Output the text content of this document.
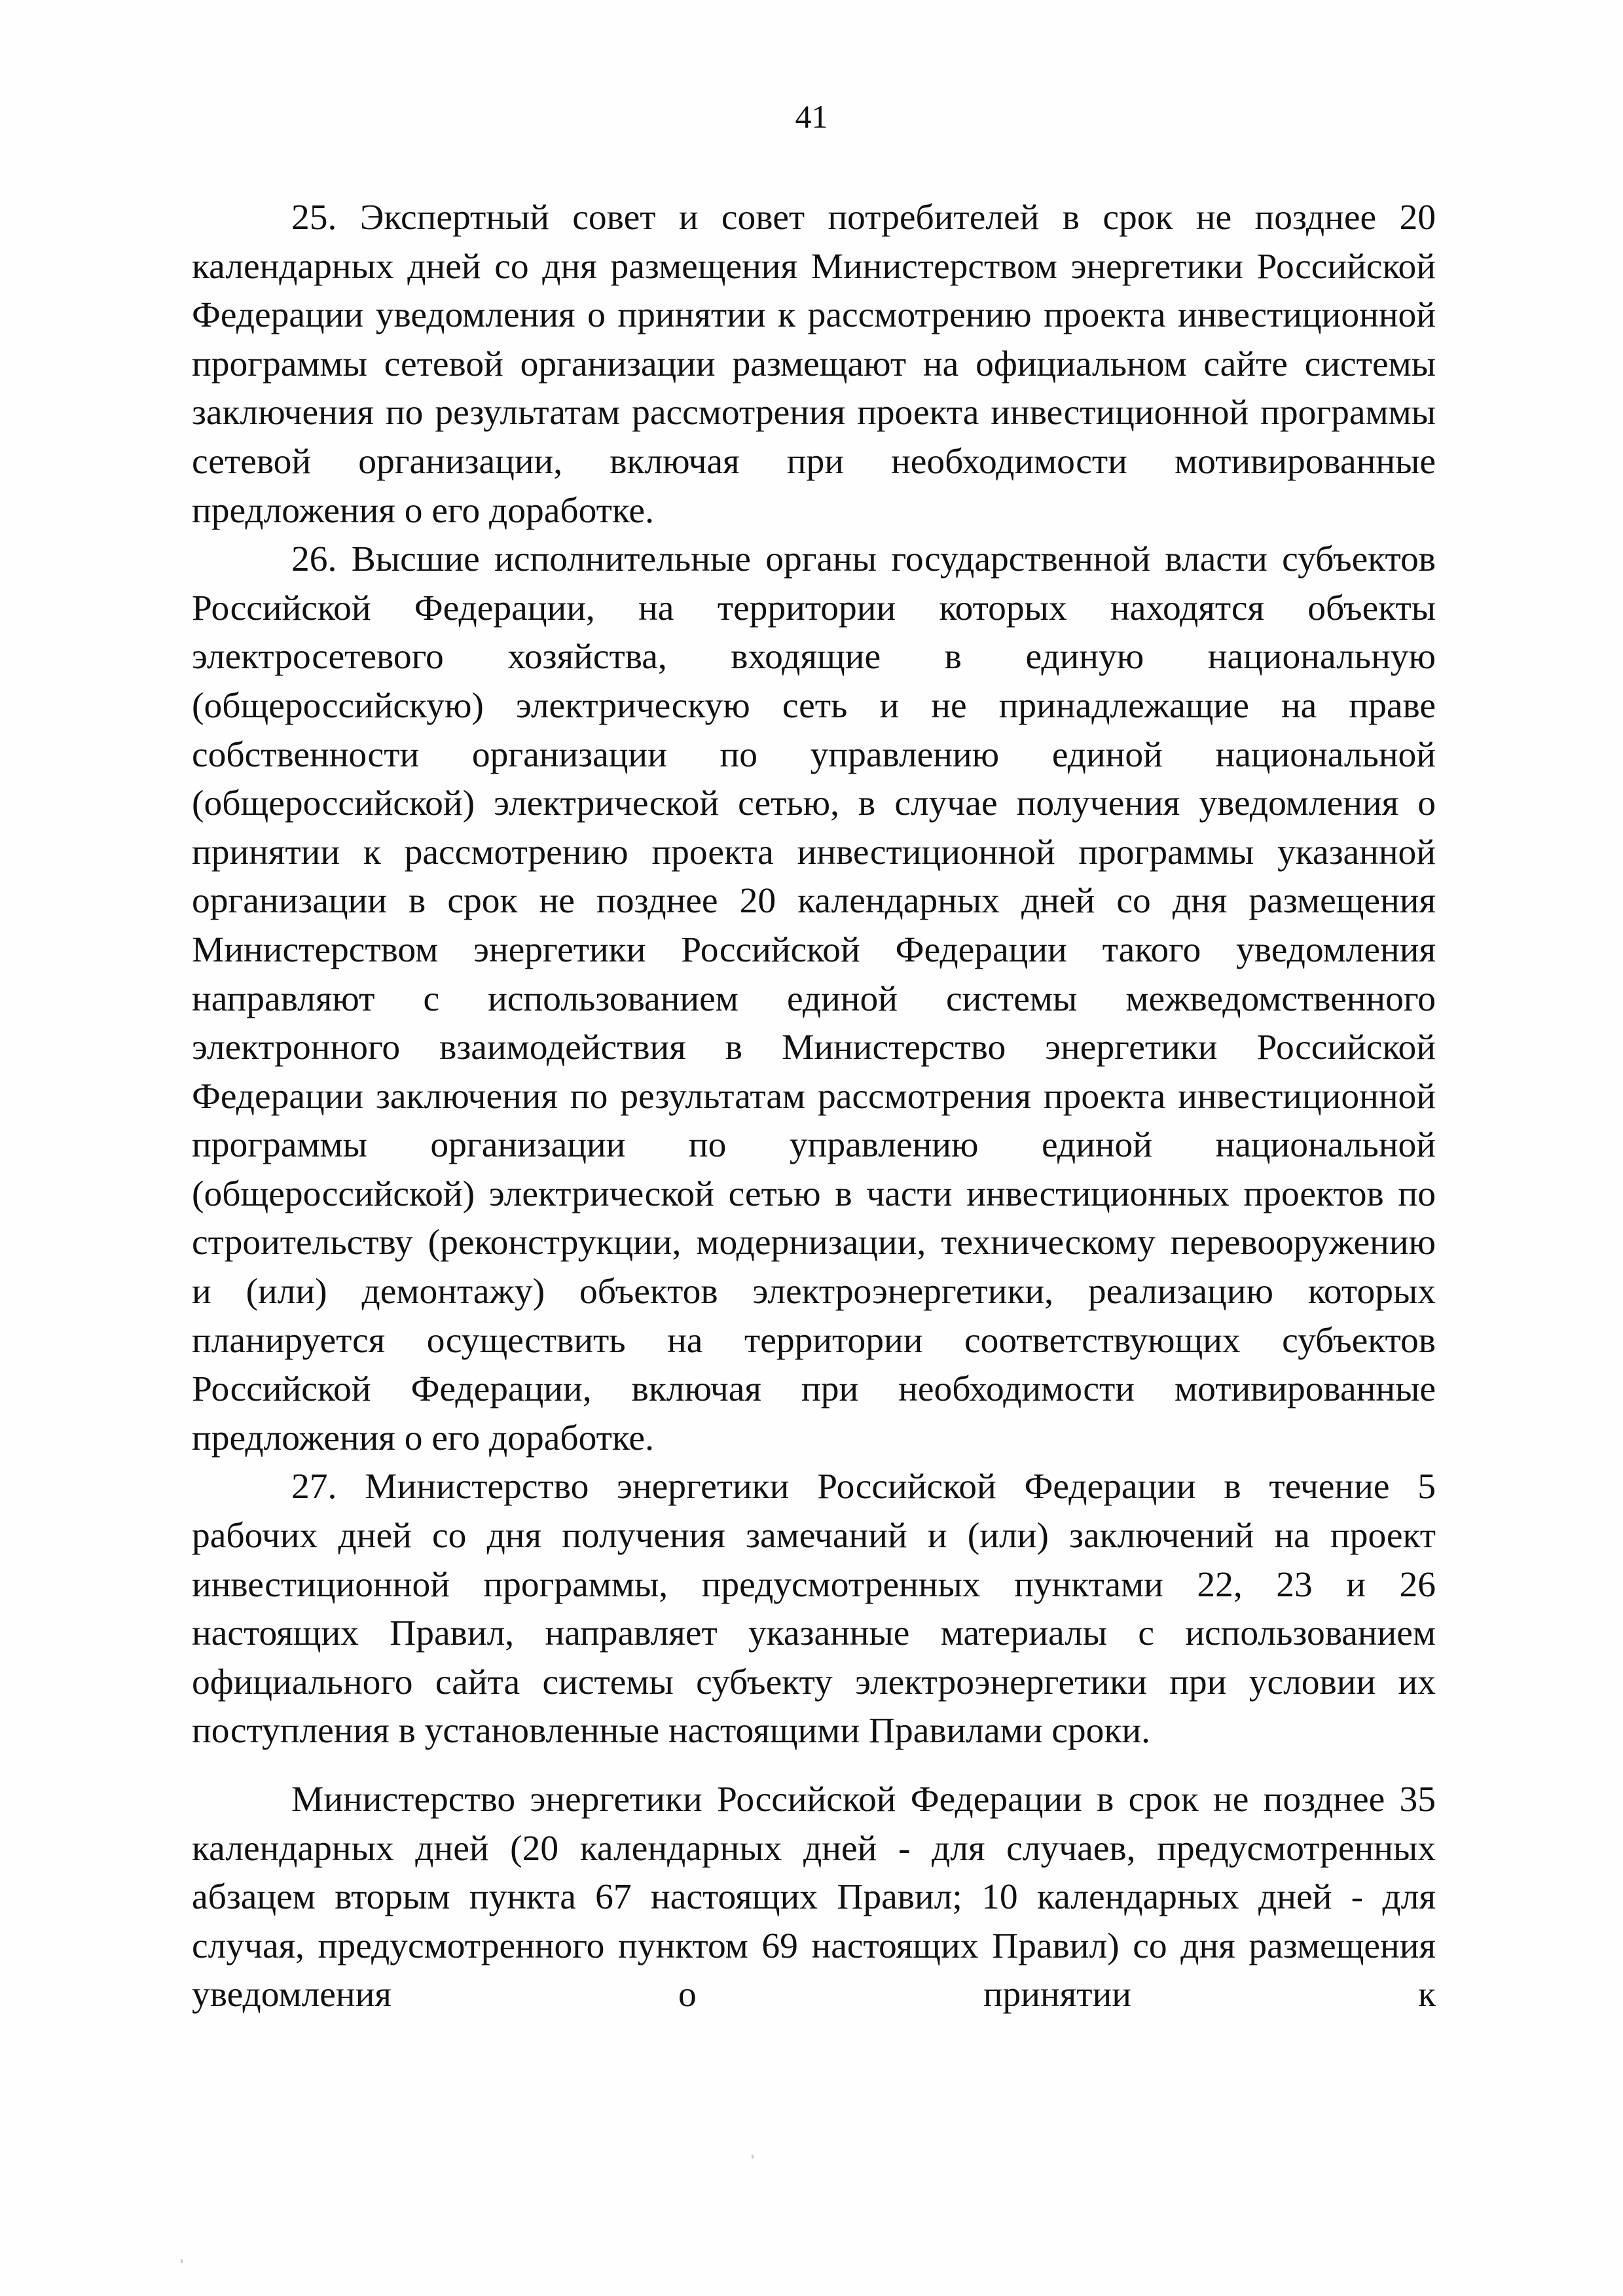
41

25. Экспертный совет и совет потребителей в срок не позднее 20 календарных дней со дня размещения Министерством энергетики Российской Федерации уведомления о принятии к рассмотрению проекта инвестиционной программы сетевой организации размещают на официальном сайте системы заключения по результатам рассмотрения проекта инвестиционной программы сетевой организации, включая при необходимости мотивированные предложения о его доработке.

26. Высшие исполнительные органы государственной власти субъектов Российской Федерации, на территории которых находятся объекты электросетевого хозяйства, входящие в единую национальную (общероссийскую) электрическую сеть и не принадлежащие на праве собственности организации по управлению единой национальной (общероссийской) электрической сетью, в случае получения уведомления о принятии к рассмотрению проекта инвестиционной программы указанной организации в срок не позднее 20 календарных дней со дня размещения Министерством энергетики Российской Федерации такого уведомления направляют с использованием единой системы межведомственного электронного взаимодействия в Министерство энергетики Российской Федерации заключения по результатам рассмотрения проекта инвестиционной программы организации по управлению единой национальной (общероссийской) электрической сетью в части инвестиционных проектов по строительству (реконструкции, модернизации, техническому перевооружению и (или) демонтажу) объектов электроэнергетики, реализацию которых планируется осуществить на территории соответствующих субъектов Российской Федерации, включая при необходимости мотивированные предложения о его доработке.

27. Министерство энергетики Российской Федерации в течение 5 рабочих дней со дня получения замечаний и (или) заключений на проект инвестиционной программы, предусмотренных пунктами 22, 23 и 26 настоящих Правил, направляет указанные материалы с использованием официального сайта системы субъекту электроэнергетики при условии их поступления в установленные настоящими Правилами сроки.

Министерство энергетики Российской Федерации в срок не позднее 35 календарных дней (20 календарных дней - для случаев, предусмотренных абзацем вторым пункта 67 настоящих Правил; 10 календарных дней - для случая, предусмотренного пунктом 69 настоящих Правил) со дня размещения уведомления о принятии к
